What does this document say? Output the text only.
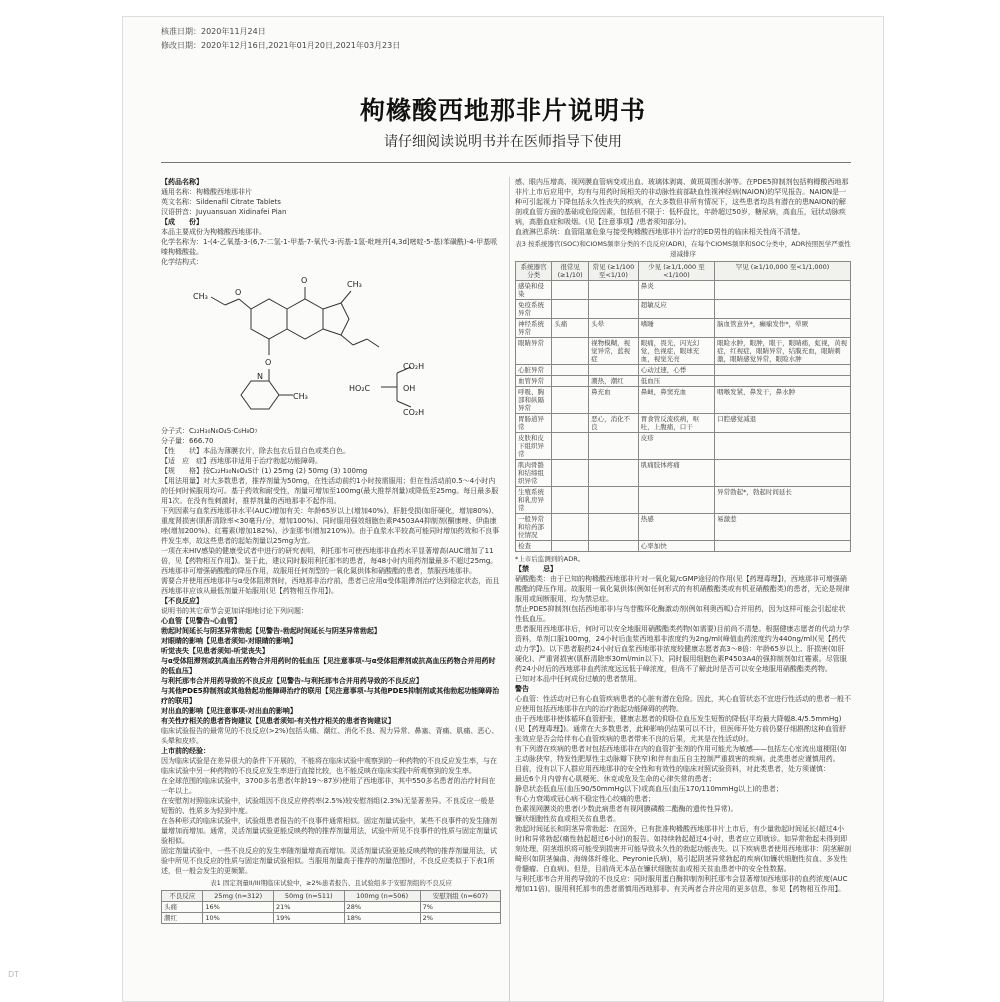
核准日期：2020年11月24日
修改日期：2020年12月16日,2021年01月20日,2021年03月23日
枸橼酸西地那非片说明书
请仔细阅读说明书并在医师指导下使用

【药品名称】

通用名称：枸橼酸西地那非片

英文名称：Sildenafil Citrate Tablets

汉语拼音：Juyuansuan Xidinafei Pian

【成　　份】

本品主要成份为枸橼酸西地那非。

化学名称为：1-(4-乙氧基-3-(6,7-二氢-1-甲基-7-氧代-3-丙基-1氢-吡唑并[4,3d]嘧啶-5-基)苯磺酰)-4-甲基哌嗪枸橼酸盐。

化学结构式：

CH₃	O
O	CH₃
O
N
CH₃
HO₂C
CO₂H
CO₂H
OH

分子式：C₂₂H₃₀N₆O₄S·C₆H₈O₇

分子量：666.70

【性　　状】本品为薄膜衣片，除去包衣后显白色或类白色。

【适　应　症】西地那非适用于治疗勃起功能障碍。

【规　　格】按C₂₂H₃₀N₆O₄S计 (1) 25mg (2) 50mg (3) 100mg

【用法用量】对大多数患者，推荐剂量为50mg，在性活动前约1小时按需服用；但在性活动前0.5～4小时内的任何时候服用均可。基于药效和耐受性，剂量可增加至100mg(最大推荐剂量)或降低至25mg。每日最多服用1次。在没有性刺激时，推荐剂量的西地那非不起作用。

下列因素与血浆西地那非水平(AUC)增加有关：年龄65岁以上(增加40%)、肝脏受损(如肝硬化，增加80%)、重度肾损害(肌酐清除率<30毫升/分，增加100%)、同时服用强效细胞色素P4503A4抑制剂(酮康唑、伊曲康唑(增加200%)、红霉素(增加182%)、沙奎那韦(增加210%))。由于血浆水平较高可能同时增加药效和不良事件发生率，故这些患者的起始剂量以25mg为宜。

一项在未HIV感染的健康受试者中进行的研究表明，利托那韦可使西地那非血药水平显著增高(AUC增加了11倍，见【药物相互作用】)。鉴于此，建议同时服用利托那韦的患者，每48小时内用药剂量最多不超过25mg。

西地那非可增强硝酸酯的降压作用，故服用任何剂型的一氧化氮供体和硝酸酯的患者，禁服西地那非。

需要合并使用西地那非与α受体阻滞剂时，西地那非治疗前，患者已应用α受体阻滞剂治疗达到稳定状态，而且西地那非应该从最低剂量开始服用(见【药物相互作用】)。

【不良反应】

说明书的其它章节会更加详细地讨论下列问题：

心血管【见警告-心血管】

勃起时间延长与阴茎异常勃起【见警告-勃起时间延长与阴茎异常勃起】

对眼睛的影响【见患者须知-对眼睛的影响】

听觉丧失【见患者须知-听觉丧失】

与α受体阻滞剂或抗高血压药物合并用药时的低血压【见注意事项-与α受体阻滞剂或抗高血压药物合并用药时的低血压】

与利托那韦合并用药导致的不良反应【见警告-与利托那韦合并用药导致的不良反应】

与其他PDE5抑制剂或其他勃起功能障碍治疗的联用【见注意事项-与其他PDE5抑制剂或其他勃起功能障碍治疗的联用】

对出血的影响【见注意事项-对出血的影响】

有关性疗相关的患者咨询建议【见患者须知-有关性疗相关的患者咨询建议】

临床试验报告的最常见的不良反应(>2%)包括头痛、潮红、消化不良、视力异常、鼻塞、背痛、肌痛、恶心、头晕和皮疹。

上市前的经验：

因为临床试验是在差异很大的条件下开展的，不能将在临床试验中观察到的一种药物的不良反应发生率，与在临床试验中另一种药物的不良反应发生率进行直接比较，也不能反映在临床实践中所观察到的发生率。

在全球范围的临床试验中，3700多名患者(年龄19～87岁)使用了西地那非，其中550多名患者的治疗时间在一年以上。

在安慰剂对照临床试验中，试验组因不良反应停药率(2.5%)较安慰剂组(2.3%)无显著差异。不良反应一般是短暂的、性质多为轻到中度。

在各种形式的临床试验中，试验组患者报告的不良事件通常相似。固定剂量试验中，某些不良事件的发生随剂量增加而增加。通常，灵活剂量试验更能反映药物的推荐剂量用法，试验中所见不良事件的性质与固定剂量试验相似。

固定剂量试验中，一些不良反应的发生率随剂量增高而增加。灵活剂量试验更能反映药物的推荐剂量用法，试验中所见不良反应的性质与固定剂量试验相似。当服用剂量高于推荐的剂量范围时，不良反应类似于下表1所述，但一般会发生的更频繁。

表1 固定剂量II/III期临床试验中，≥2%患者报告、且试验组多于安慰剂组的不良反应
不良反应	25mg (n=312)	50mg (n=511)	100mg (n=506)	安慰剂组 (n=607)
头痛	16%	21%	28%	7%
潮红	10%	19%	18%	2%

感、眼内压增高、视网膜血管病变或出血、玻璃体剥离、黄斑周围水肿等。在PDE5抑制剂包括枸橼酸西地那非片上市后应用中，均有与用药时间相关的非动脉性前部缺血性视神经病(NAION)的罕见报告。NAION是一种可引起视力下降包括永久性丧失的疾病，在大多数但非所有情况下，这些患者均具有潜在的患NAION的解剖或血管方面的基础或危险因素，包括但不限于：低杯盘比，年龄超过50岁，糖尿病，高血压，冠状动脉疾病，高脂血症和吸烟。(见【注意事项】/患者须知部分)。

血液淋巴系统：血管阻塞危象与接受枸橼酸西地那非片治疗的ED男性的临床相关性尚不清楚。

表3 按系统器官(SOC)和CIOMS频率分类的不良反应(ADR)，在每个CIOMS频率和SOC分类中，ADR按照医学严重性递减排序
系统器官分类	很常见 (≥1/10)	常见 (≥1/100 至<1/10)	少见 (≥1/1,000 至<1/100)	罕见 (≥1/10,000 至<1/1,000)
感染和侵染			鼻炎	
免疫系统异常			超敏反应	
神经系统异常	头痛	头晕	嗜睡	脑血管意外*，癫痫发作*，晕厥
眼睛异常		视物模糊，视觉异常，蓝视症	眼痛，畏光，闪光幻觉，色视症，眼球充血，视觉光亮	眼睑水肿，眼肿，眼干，眼睛痛，虹视，黄视症，红视症，眼睛异常，结膜充血，眼睛刺激，眼睛感觉异常，眼睑水肿
心脏异常			心动过速，心悸	
血管异常		潮热，潮红	低血压	
呼吸、胸部和纵隔异常		鼻充血	鼻衄，鼻窦充血	咽喉发紧，鼻发干，鼻水肿
胃肠道异常		恶心，消化不良	胃食管反流疾病，呕吐，上腹痛，口干	口腔感觉减退
皮肤和皮下组织异常			皮疹	
肌肉骨骼和结缔组织异常			肌痛肢体疼痛	
生殖系统和乳房异常				异常勃起*，勃起时间延长
一般异常和给药部位情况			热感	易激惹
检查			心率加快	
*上市后监测到的ADR。

【禁　　忌】

硝酸酯类：由于已知的枸橼酸西地那非片对一氧化氮/cGMP途径的作用(见【药理毒理】)，西地那非可增强硝酸酯的降压作用。故服用一氧化氮供体(例如任何形式的有机硝酸酯类或有机亚硝酸酯类)的患者，无论是规律服用或间断服用，均为禁忌症。

禁止PDE5抑制剂(包括西地那非)与鸟苷酸环化酶激动剂(例如利奥西呱)合并用药，因为这样可能会引起症状性低血压。

患者服用西地那非后，何时可以安全地服用硝酸酯类药物(如需要)目前尚不清楚。根据健康志愿者的代动力学资料，单剂口服100mg，24小时后血浆西地那非浓度约为2ng/ml(峰值血药浓度约为440ng/ml)(见【药代动力学】)。以下患者服药24小时后血浆西地那非浓度较健康志愿者高3～8倍：年龄65岁以上、肝损害(如肝硬化)、严重肾损害(肌酐清除率30ml/min以下)、同时服用细胞色素P4503A4的强抑制剂如红霉素。尽管服药24小时后的西地那非血药浓度远远低于峰浓度，但尚不了解此时是否可以安全地服用硝酸酯类药物。

已知对本品中任何成份过敏的患者禁用。

警告

心血管：性活动对已有心血管疾病患者的心脏有潜在危险。因此，其心血管状态不宜进行性活动的患者一般不应使用包括西地那非在内的治疗勃起功能障碍的药物。

由于西地那非使体循环血管舒张，健康志愿者的仰卧位血压发生短暂的降低(平均最大降幅8.4/5.5mmHg)(见【药理毒理】)。通常在大多数患者，此种影响仍结果可以不计，但医师开处方前仍要仔细斟酌这种血管舒张效应是否会给伴有心血管疾病的患者带来不良的后果，尤其是在性活动时。

有下列潜在疾病的患者对包括西地那非在内的血管扩张剂的作用可能尤为敏感——包括左心室流出道梗阻(如主动脉狭窄，特发性肥厚性主动脉瓣下狭窄)和伴有血压自主控制严重损害的疾病。此类患者应谨慎用药。

目前，没有以下人群应用西地那非的安全性和有效性的临床对照试验资料，对此类患者，处方须谨慎：

最近6个月内曾有心肌梗死、休克或危及生命的心律失常的患者；

静息状态低血压(血压90/50mmHg以下)或高血压(血压170/110mmHg以上)的患者；

有心力衰竭或冠心病不稳定性心绞痛的患者；

色素视网膜炎的患者(少数此病患者有视网膜磷酸二酯酶的遗传性异常)。

镰状细胞性贫血或相关贫血患者。

勃起时间延长和阴茎异常勃起：在国外，已有批准枸橼酸西地那非片上市后，有少量勃起时间延长(超过4小时)和异常勃起(痛性勃起超过6小时)的报告。如持续勃起超过4小时，患者应立即就诊。如异常勃起未得到即刻处理，阴茎组织将可能受到损害并可能导致永久性的勃起功能丧失。以下疾病患者使用西地那非：阴茎解剖畸形(如阴茎偏曲、海绵体纤维化、Peyronie氏病)，易引起阴茎异常勃起的疾病(如镰状细胞性贫血、多发性骨髓瘤、白血病)。但是，目前尚无本品在镰状细胞贫血或相关贫血患者中的安全性数据。

与利托那韦合并用药导致的不良反应：同时服用蛋白酶抑制剂利托那韦会显著增加西地那非的血药浓度(AUC增加11倍)。服用利托那韦的患者需慎用西地那非。有关两者合并应用的更多信息，参见【药物相互作用】。

DT
